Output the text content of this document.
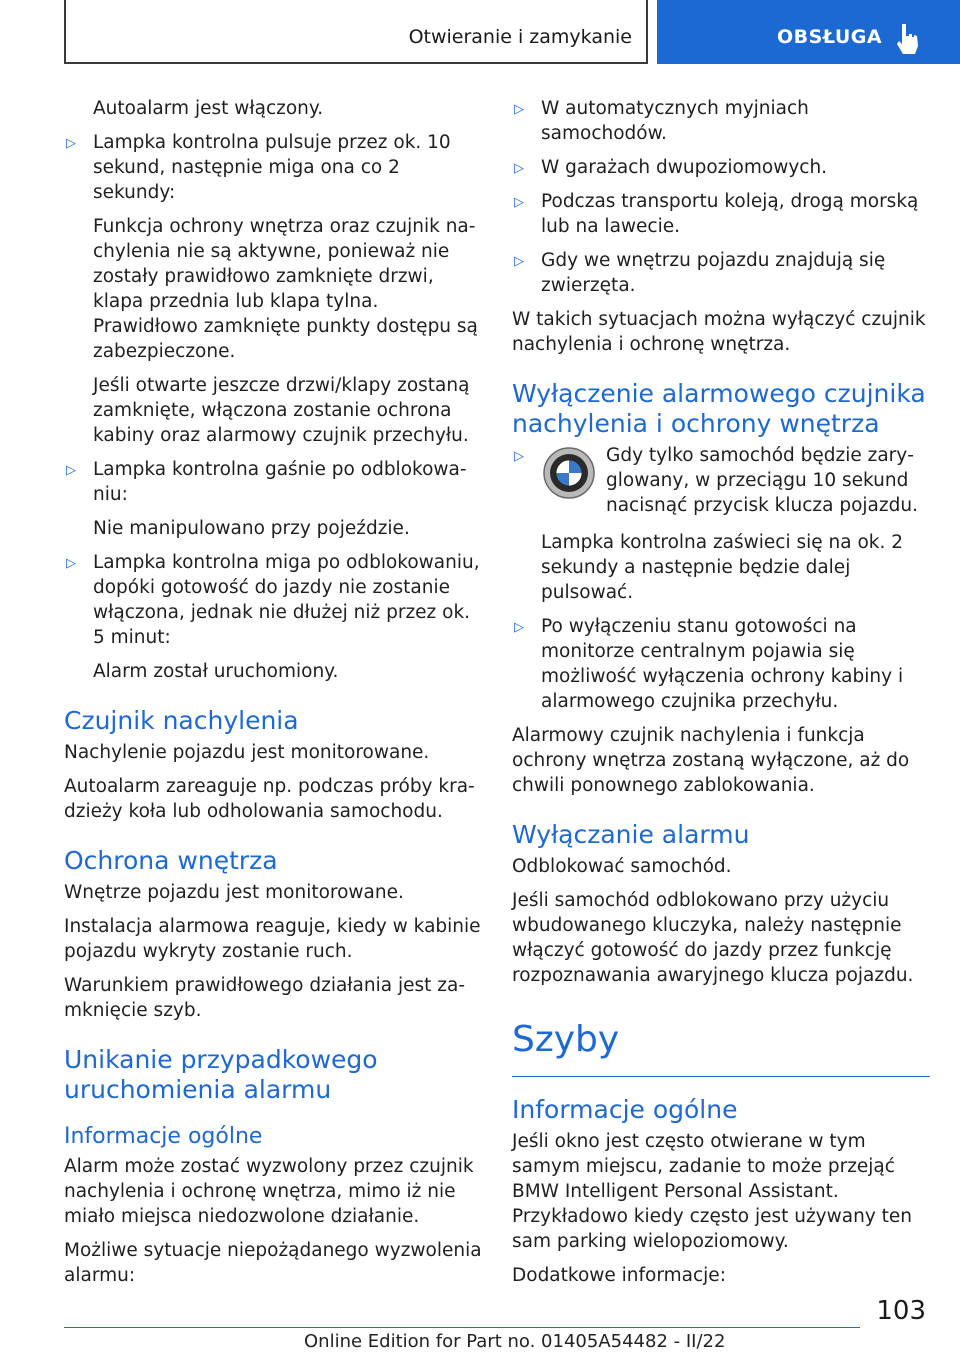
Otwieranie i zamykanie	OBSŁUGA

Autoalarm jest włączony.

▷ Lampka kontrolna pulsuje przez ok. 10 sekund, następnie miga ona co 2 sekundy:

Funkcja ochrony wnętrza oraz czujnik nachylenia nie są aktywne, ponieważ nie zostały prawidłowo zamknięte drzwi, klapa przednia lub klapa tylna. Prawidłowo zamknięte punkty dostępu są zabezpieczone.

Jeśli otwarte jeszcze drzwi/klapy zostaną zamknięte, włączona zostanie ochrona kabiny oraz alarmowy czujnik przechyłu.

▷ Lampka kontrolna gaśnie po odblokowaniu:

Nie manipulowano przy pojeździe.

▷ Lampka kontrolna miga po odblokowaniu, dopóki gotowość do jazdy nie zostanie włączona, jednak nie dłużej niż przez ok. 5 minut:

Alarm został uruchomiony.

Czujnik nachylenia

Nachylenie pojazdu jest monitorowane.

Autoalarm zareaguje np. podczas próby kradzieży koła lub odholowania samochodu.

Ochrona wnętrza

Wnętrze pojazdu jest monitorowane.

Instalacja alarmowa reaguje, kiedy w kabinie pojazdu wykryty zostanie ruch.

Warunkiem prawidłowego działania jest zamknięcie szyb.

Unikanie przypadkowego uruchomienia alarmu
Informacje ogólne

Alarm może zostać wyzwolony przez czujnik nachylenia i ochronę wnętrza, mimo iż nie miało miejsca niedozwolone działanie.

Możliwe sytuacje niepożądanego wyzwolenia alarmu:

▷ W automatycznych myjniach samochodów.
▷ W garażach dwupoziomowych.
▷ Podczas transportu koleją, drogą morską lub na lawecie.
▷ Gdy we wnętrzu pojazdu znajdują się zwierzęta.

W takich sytuacjach można wyłączyć czujnik nachylenia i ochronę wnętrza.

Wyłączenie alarmowego czujnika nachylenia i ochrony wnętrza
▷	Gdy tylko samochód będzie zaryglowany, w przeciągu 10 sekund nacisnąć przycisk klucza pojazdu.

Lampka kontrolna zaświeci się na ok. 2 sekundy a następnie będzie dalej pulsować.

▷ Po wyłączeniu stanu gotowości na monitorze centralnym pojawia się możliwość wyłączenia ochrony kabiny i alarmowego czujnika przechyłu.

Alarmowy czujnik nachylenia i funkcja ochrony wnętrza zostaną wyłączone, aż do chwili ponownego zablokowania.

Wyłączanie alarmu

Odblokować samochód.

Jeśli samochód odblokowano przy użyciu wbudowanego kluczyka, należy następnie włączyć gotowość do jazdy przez funkcję rozpoznawania awaryjnego klucza pojazdu.

Szyby
Informacje ogólne

Jeśli okno jest często otwierane w tym samym miejscu, zadanie to może przejąć BMW Intelligent Personal Assistant. Przykładowo kiedy często jest używany ten sam parking wielopoziomowy.

Dodatkowe informacje:

103
Online Edition for Part no. 01405A54482 - II/22
